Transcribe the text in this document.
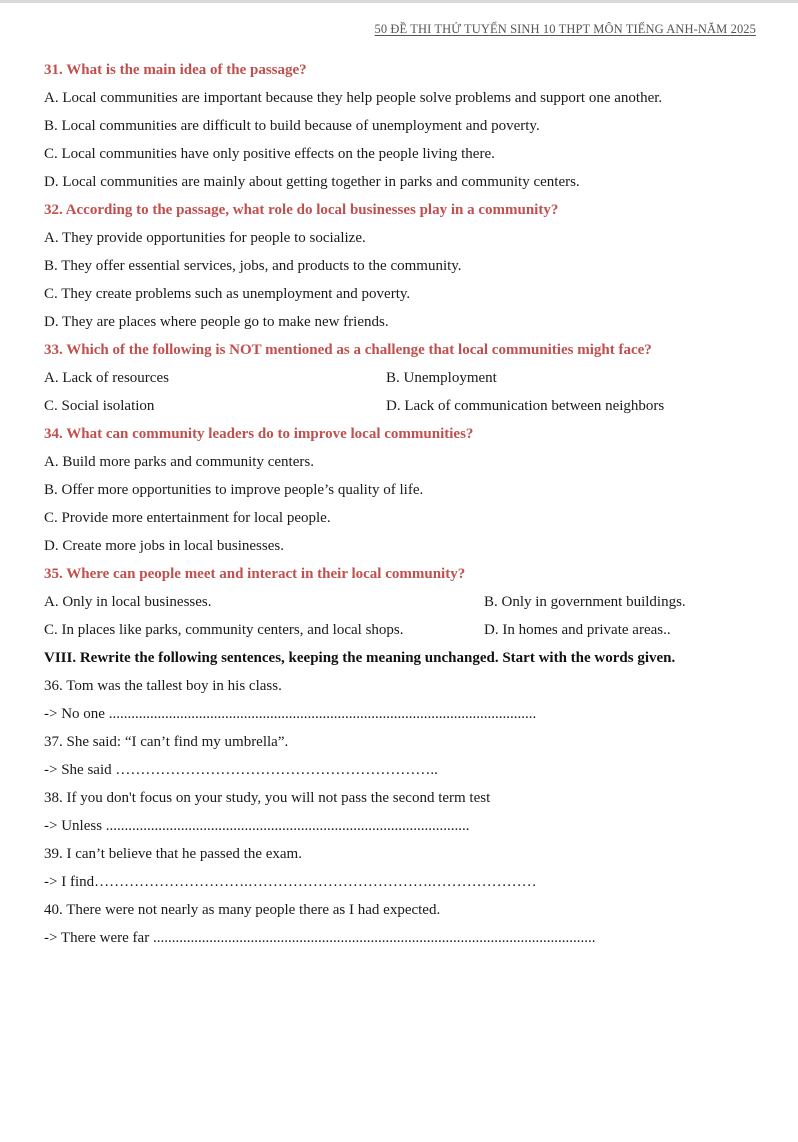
50 ĐỀ THI THỬ TUYỂN SINH 10 THPT MÔN TIẾNG ANH-NĂM 2025
31. What is the main idea of the passage?
A. Local communities are important because they help people solve problems and support one another.
B. Local communities are difficult to build because of unemployment and poverty.
C. Local communities have only positive effects on the people living there.
D. Local communities are mainly about getting together in parks and community centers.
32. According to the passage, what role do local businesses play in a community?
A. They provide opportunities for people to socialize.
B. They offer essential services, jobs, and products to the community.
C. They create problems such as unemployment and poverty.
D. They are places where people go to make new friends.
33. Which of the following is NOT mentioned as a challenge that local communities might face?
A. Lack of resources	B. Unemployment
C. Social isolation	D. Lack of communication between neighbors
34. What can community leaders do to improve local communities?
A. Build more parks and community centers.
B. Offer more opportunities to improve people’s quality of life.
C. Provide more entertainment for local people.
D. Create more jobs in local businesses.
35. Where can people meet and interact in their local community?
A. Only in local businesses.	B. Only in government buildings.
C. In places like parks, community centers, and local shops.	D. In homes and private areas..
VIII. Rewrite the following sentences, keeping the meaning unchanged. Start with the words given.
36. Tom was the tallest boy in his class.
-> No one ..................................................................................................................
37. She said: “I can’t find my umbrella”.
-> She said ………………………………………………………..
38. If you don't focus on your study, you will not pass the second term test
-> Unless .................................................................................................
39. I can’t believe that he passed the exam.
-> I find………………………….……………………………….…………………
40. There were not nearly as many people there as I had expected.
-> There were far ......................................................................................................................
